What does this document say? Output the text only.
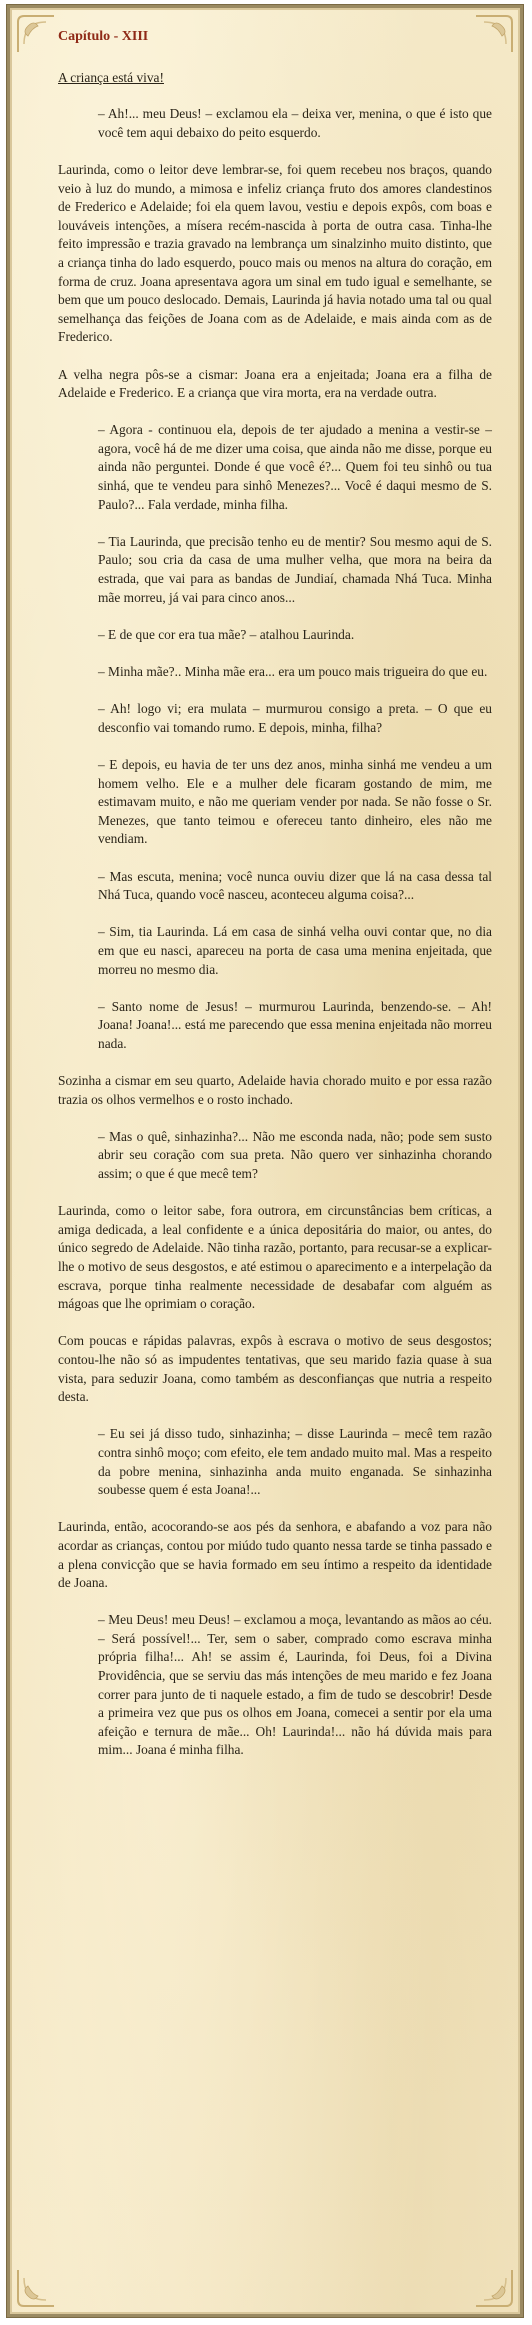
Capítulo - XIII
A criança está viva!

– Ah!... meu Deus! – exclamou ela – deixa ver, menina, o que é isto que você tem aqui debaixo do peito esquerdo.

Laurinda, como o leitor deve lembrar-se, foi quem recebeu nos braços, quando veio à luz do mundo, a mimosa e infeliz criança fruto dos amores clandestinos de Frederico e Adelaide; foi ela quem lavou, vestiu e depois expôs, com boas e louváveis intenções, a mísera recém-nascida à porta de outra casa. Tinha-lhe feito impressão e trazia gravado na lembrança um sinalzinho muito distinto, que a criança tinha do lado esquerdo, pouco mais ou menos na altura do coração, em forma de cruz. Joana apresentava agora um sinal em tudo igual e semelhante, se bem que um pouco deslocado. Demais, Laurinda já havia notado uma tal ou qual semelhança das feições de Joana com as de Adelaide, e mais ainda com as de Frederico.

A velha negra pôs-se a cismar: Joana era a enjeitada; Joana era a filha de Adelaide e Frederico. E a criança que vira morta, era na verdade outra.

– Agora - continuou ela, depois de ter ajudado a menina a vestir-se – agora, você há de me dizer uma coisa, que ainda não me disse, porque eu ainda não perguntei. Donde é que você é?... Quem foi teu sinhô ou tua sinhá, que te vendeu para sinhô Menezes?... Você é daqui mesmo de S. Paulo?... Fala verdade, minha filha.

– Tia Laurinda, que precisão tenho eu de mentir? Sou mesmo aqui de S. Paulo; sou cria da casa de uma mulher velha, que mora na beira da estrada, que vai para as bandas de Jundiaí, chamada Nhá Tuca. Minha mãe morreu, já vai para cinco anos...

– E de que cor era tua mãe? – atalhou Laurinda.

– Minha mãe?.. Minha mãe era... era um pouco mais trigueira do que eu.

– Ah! logo vi; era mulata – murmurou consigo a preta. – O que eu desconfio vai tomando rumo. E depois, minha, filha?

– E depois, eu havia de ter uns dez anos, minha sinhá me vendeu a um homem velho. Ele e a mulher dele ficaram gostando de mim, me estimavam muito, e não me queriam vender por nada. Se não fosse o Sr. Menezes, que tanto teimou e ofereceu tanto dinheiro, eles não me vendiam.

– Mas escuta, menina; você nunca ouviu dizer que lá na casa dessa tal Nhá Tuca, quando você nasceu, aconteceu alguma coisa?...

– Sim, tia Laurinda. Lá em casa de sinhá velha ouvi contar que, no dia em que eu nasci, apareceu na porta de casa uma menina enjeitada, que morreu no mesmo dia.

– Santo nome de Jesus! – murmurou Laurinda, benzendo-se. – Ah! Joana! Joana!... está me parecendo que essa menina enjeitada não morreu nada.

Sozinha a cismar em seu quarto, Adelaide havia chorado muito e por essa razão trazia os olhos vermelhos e o rosto inchado.

– Mas o quê, sinhazinha?... Não me esconda nada, não; pode sem susto abrir seu coração com sua preta. Não quero ver sinhazinha chorando assim; o que é que mecê tem?

Laurinda, como o leitor sabe, fora outrora, em circunstâncias bem críticas, a amiga dedicada, a leal confidente e a única depositária do maior, ou antes, do único segredo de Adelaide. Não tinha razão, portanto, para recusar-se a explicar-lhe o motivo de seus desgostos, e até estimou o aparecimento e a interpelação da escrava, porque tinha realmente necessidade de desabafar com alguém as mágoas que lhe oprimiam o coração.

Com poucas e rápidas palavras, expôs à escrava o motivo de seus desgostos; contou-lhe não só as impudentes tentativas, que seu marido fazia quase à sua vista, para seduzir Joana, como também as desconfianças que nutria a respeito desta.

– Eu sei já disso tudo, sinhazinha; – disse Laurinda – mecê tem razão contra sinhô moço; com efeito, ele tem andado muito mal. Mas a respeito da pobre menina, sinhazinha anda muito enganada. Se sinhazinha soubesse quem é esta Joana!...

Laurinda, então, acocorando-se aos pés da senhora, e abafando a voz para não acordar as crianças, contou por miúdo tudo quanto nessa tarde se tinha passado e a plena convicção que se havia formado em seu íntimo a respeito da identidade de Joana.

– Meu Deus! meu Deus! – exclamou a moça, levantando as mãos ao céu. – Será possível!... Ter, sem o saber, comprado como escrava minha própria filha!... Ah! se assim é, Laurinda, foi Deus, foi a Divina Providência, que se serviu das más intenções de meu marido e fez Joana correr para junto de ti naquele estado, a fim de tudo se descobrir! Desde a primeira vez que pus os olhos em Joana, comecei a sentir por ela uma afeição e ternura de mãe... Oh! Laurinda!... não há dúvida mais para mim... Joana é minha filha.
